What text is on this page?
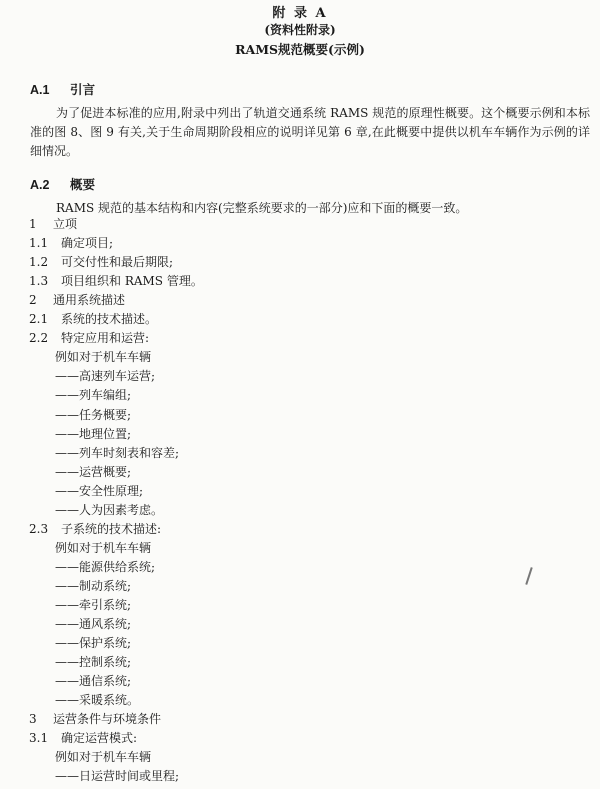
附 录 A
(资料性附录)
RAMS规范概要(示例)
A.1 引言
为了促进本标准的应用,附录中列出了轨道交通系统 RAMS 规范的原理性概要。这个概要示例和本标准的图 8、图 9 有关,关于生命周期阶段相应的说明详见第 6 章,在此概要中提供以机车车辆作为示例的详细情况。
A.2 概要
RAMS 规范的基本结构和内容(完整系统要求的一部分)应和下面的概要一致。
1 立项
1.1 确定项目;
1.2 可交付性和最后期限;
1.3 项目组织和 RAMS 管理。
2 通用系统描述
2.1 系统的技术描述。
2.2 特定应用和运营:
例如对于机车车辆
——高速列车运营;
——列车编组;
——任务概要;
——地理位置;
——列车时刻表和容差;
——运营概要;
——安全性原理;
——人为因素考虑。
2.3 子系统的技术描述:
例如对于机车车辆
——能源供给系统;
——制动系统;
——牵引系统;
——通风系统;
——保护系统;
——控制系统;
——通信系统;
——采暖系统。
3 运营条件与环境条件
3.1 确定运营模式:
例如对于机车车辆
——日运营时间或里程;
